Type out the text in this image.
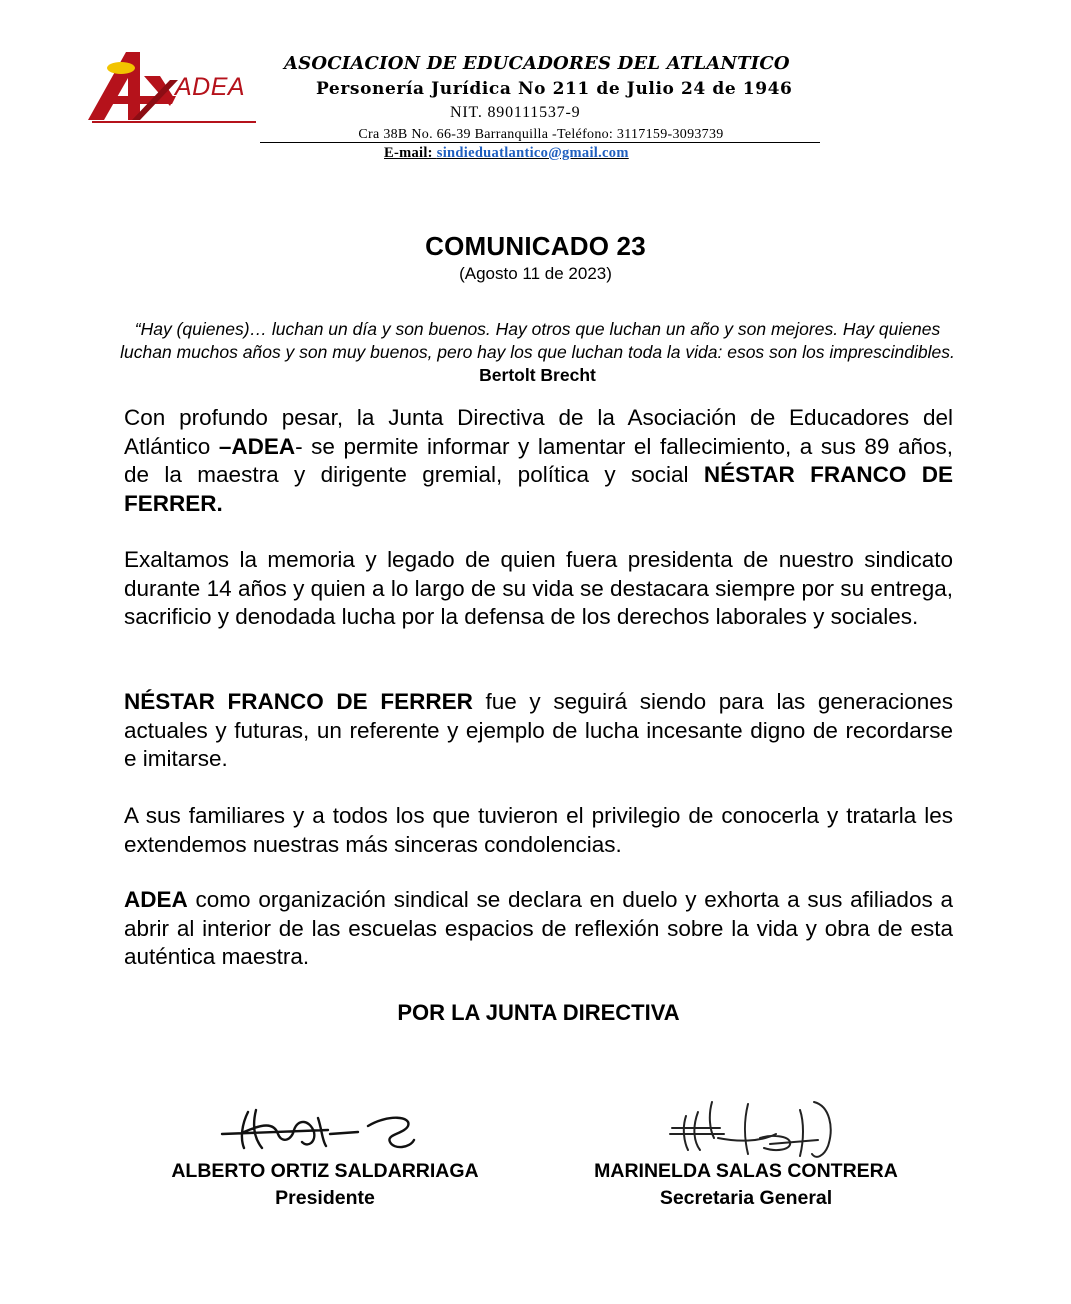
ADEA
ASOCIACION DE EDUCADORES DEL ATLANTICO
Personería Jurídica No 211 de Julio 24 de 1946
NIT. 890111537-9
Cra 38B No. 66-39 Barranquilla -Teléfono: 3117159-3093739
E-mail: sindieduatlantico@gmail.com
COMUNICADO 23
(Agosto 11 de 2023)
“Hay (quienes)… luchan un día y son buenos. Hay otros que luchan un año y son mejores. Hay quienes luchan muchos años y son muy buenos, pero hay los que luchan toda la vida: esos son los imprescindibles. Bertolt Brecht
Con profundo pesar, la Junta Directiva de la Asociación de Educadores del Atlántico –ADEA- se permite informar y lamentar el fallecimiento, a sus 89 años, de la maestra y dirigente gremial, política y social NÉSTAR FRANCO DE FERRER.
Exaltamos la memoria y legado de quien fuera presidenta de nuestro sindicato durante 14 años y quien a lo largo de su vida se destacara siempre por su entrega, sacrificio y denodada lucha por la defensa de los derechos laborales y sociales.
NÉSTAR FRANCO DE FERRER fue y seguirá siendo para las generaciones actuales y futuras, un referente y ejemplo de lucha incesante digno de recordarse e imitarse.
A sus familiares y a todos los que tuvieron el privilegio de conocerla y tratarla les extendemos nuestras más sinceras condolencias.
ADEA como organización sindical se declara en duelo y exhorta a sus afiliados a abrir al interior de las escuelas espacios de reflexión sobre la vida y obra de esta auténtica maestra.
POR LA JUNTA DIRECTIVA
ALBERTO ORTIZ SALDARRIAGA
Presidente
MARINELDA SALAS CONTRERA
Secretaria General
